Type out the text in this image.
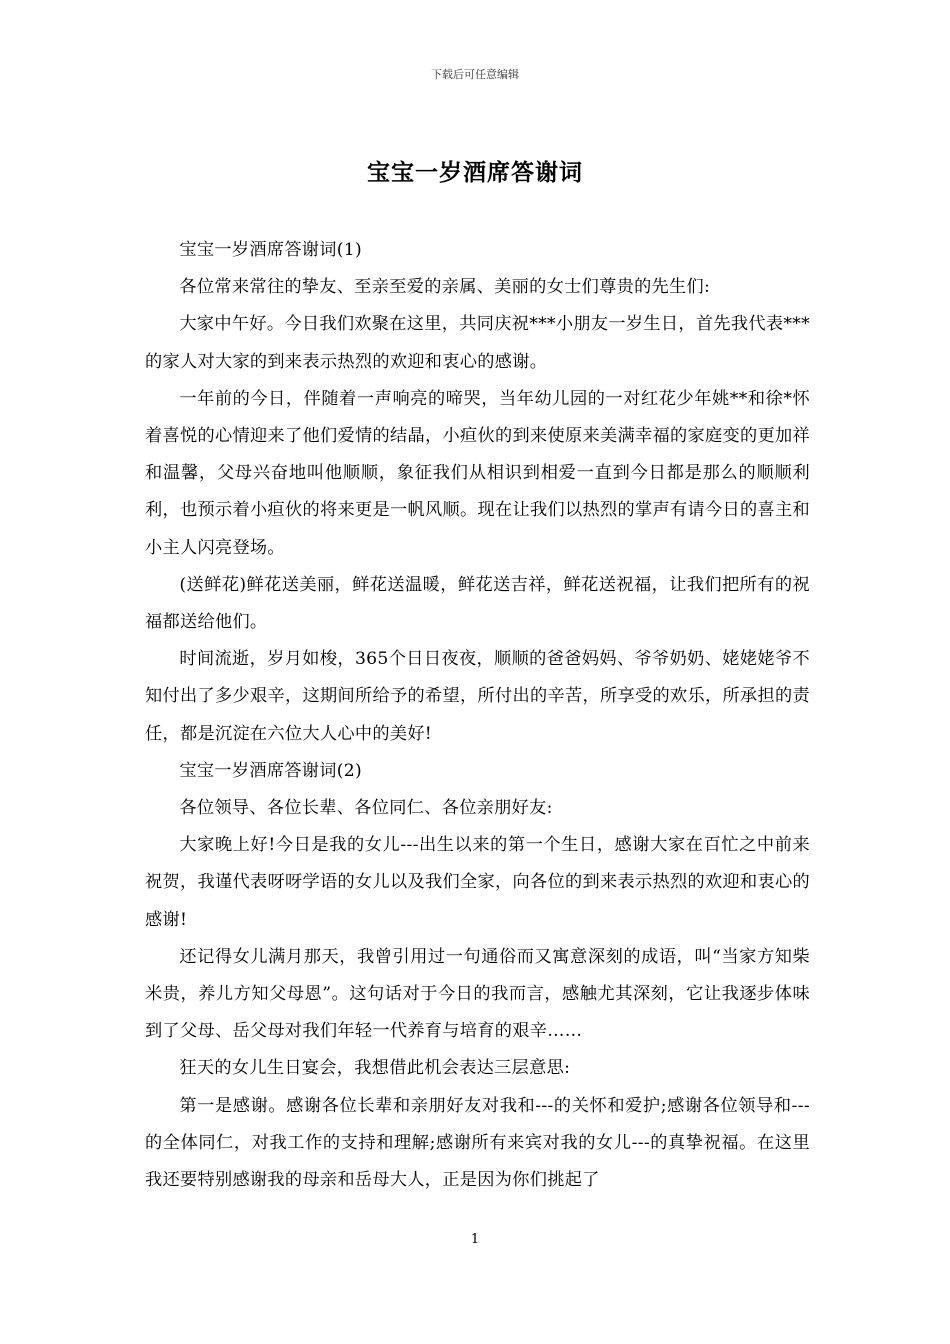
下载后可任意编辑
宝宝一岁酒席答谢词

宝宝一岁酒席答谢词(1)

各位常来常往的挚友、至亲至爱的亲属、美丽的女士们尊贵的先生们:

大家中午好。今日我们欢聚在这里，共同庆祝***小朋友一岁生日，首先我代表***的家人对大家的到来表示热烈的欢迎和衷心的感谢。

一年前的今日，伴随着一声响亮的啼哭，当年幼儿园的一对红花少年姚**和徐*怀着喜悦的心情迎来了他们爱情的结晶，小疸伙的到来使原来美满幸福的家庭变的更加祥和温馨，父母兴奋地叫他顺顺，象征我们从相识到相爱一直到今日都是那么的顺顺利利，也预示着小疸伙的将来更是一帆风顺。现在让我们以热烈的掌声有请今日的喜主和小主人闪亮登场。

(送鲜花)鲜花送美丽，鲜花送温暖，鲜花送吉祥，鲜花送祝福，让我们把所有的祝福都送给他们。

时间流逝，岁月如梭，365个日日夜夜，顺顺的爸爸妈妈、爷爷奶奶、姥姥姥爷不知付出了多少艰辛，这期间所给予的希望，所付出的辛苦，所享受的欢乐，所承担的责任，都是沉淀在六位大人心中的美好!

宝宝一岁酒席答谢词(2)

各位领导、各位长辈、各位同仁、各位亲朋好友:

大家晚上好!今日是我的女儿---出生以来的第一个生日，感谢大家在百忙之中前来祝贺，我谨代表呀呀学语的女儿以及我们全家，向各位的到来表示热烈的欢迎和衷心的感谢!

还记得女儿满月那天，我曾引用过一句通俗而又寓意深刻的成语，叫“当家方知柴米贵，养儿方知父母恩”。这句话对于今日的我而言，感触尤其深刻，它让我逐步体味到了父母、岳父母对我们年轻一代养育与培育的艰辛……

狂天的女儿生日宴会，我想借此机会表达三层意思:

第一是感谢。感谢各位长辈和亲朋好友对我和---的关怀和爱护;感谢各位领导和---的全体同仁，对我工作的支持和理解;感谢所有来宾对我的女儿---的真挚祝福。在这里我还要特别感谢我的母亲和岳母大人，正是因为你们挑起了

1
